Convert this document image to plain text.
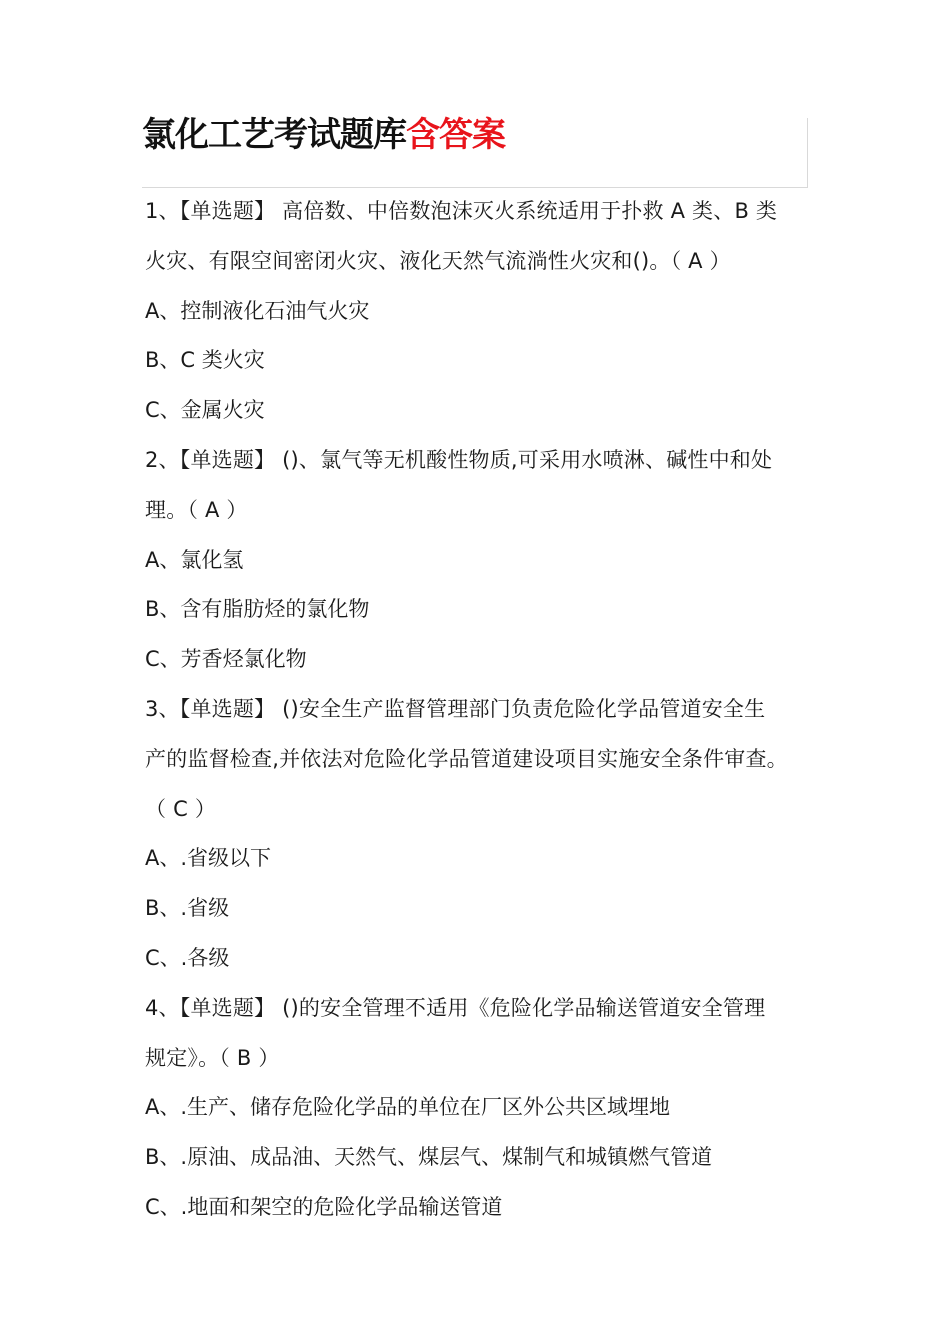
氯化工艺考试题库含答案

1、【单选题】 高倍数、中倍数泡沫灭火系统适用于扑救 A 类、B 类

火灾、有限空间密闭火灾、液化天然气流淌性火灾和()。（ A ）

A、控制液化石油气火灾

B、C 类火灾

C、金属火灾

2、【单选题】 ()、氯气等无机酸性物质,可采用水喷淋、碱性中和处

理。（ A ）

A、氯化氢

B、含有脂肪烃的氯化物

C、芳香烃氯化物

3、【单选题】 ()安全生产监督管理部门负责危险化学品管道安全生

产的监督检查,并依法对危险化学品管道建设项目实施安全条件审查。

（ C ）

A、.省级以下

B、.省级

C、.各级

4、【单选题】 ()的安全管理不适用《危险化学品输送管道安全管理

规定》。（ B ）

A、.生产、储存危险化学品的单位在厂区外公共区域埋地

B、.原油、成品油、天然气、煤层气、煤制气和城镇燃气管道

C、.地面和架空的危险化学品输送管道
